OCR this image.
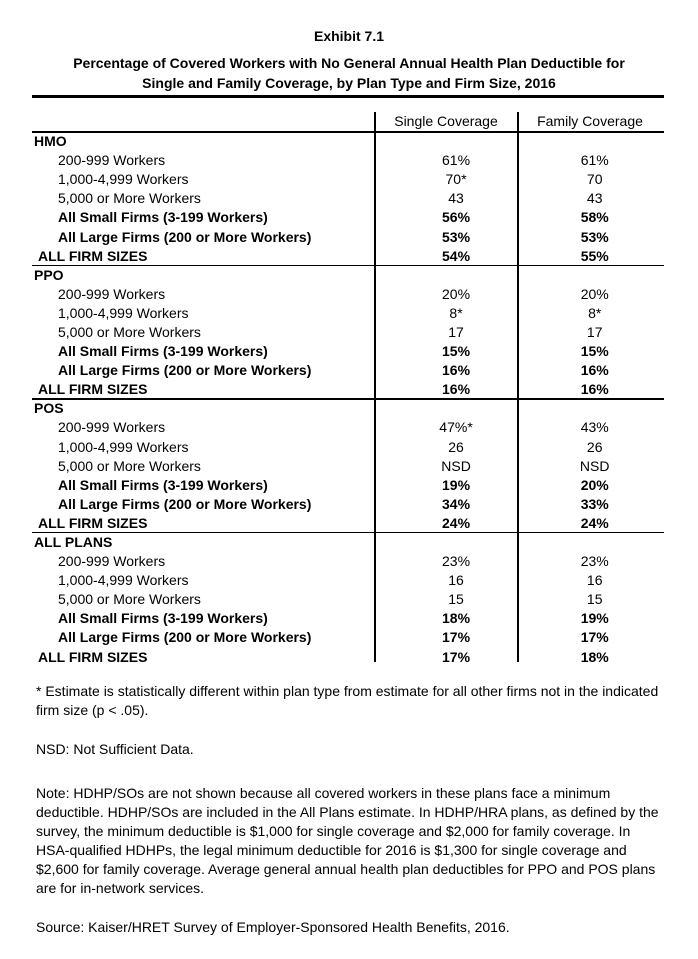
Exhibit 7.1
Percentage of Covered Workers with No General Annual Health Plan Deductible for
Single and Family Coverage, by Plan Type and Firm Size, 2016
Single Coverage	Family Coverage
HMO		
200-999 Workers	61%	61%
1,000-4,999 Workers	70*	70
5,000 or More Workers	43	43
All Small Firms (3-199 Workers)	56%	58%
All Large Firms (200 or More Workers)	53%	53%
ALL FIRM SIZES	54%	55%
PPO		
200-999 Workers	20%	20%
1,000-4,999 Workers	8*	8*
5,000 or More Workers	17	17
All Small Firms (3-199 Workers)	15%	15%
All Large Firms (200 or More Workers)	16%	16%
ALL FIRM SIZES	16%	16%
POS		
200-999 Workers	47%*	43%
1,000-4,999 Workers	26	26
5,000 or More Workers	NSD	NSD
All Small Firms (3-199 Workers)	19%	20%
All Large Firms (200 or More Workers)	34%	33%
ALL FIRM SIZES	24%	24%
ALL PLANS		
200-999 Workers	23%	23%
1,000-4,999 Workers	16	16
5,000 or More Workers	15	15
All Small Firms (3-199 Workers)	18%	19%
All Large Firms (200 or More Workers)	17%	17%
ALL FIRM SIZES	17%	18%
* Estimate is statistically different within plan type from estimate for all other firms not in the indicated firm size (p < .05).
NSD: Not Sufficient Data.
Note: HDHP/SOs are not shown because all covered workers in these plans face a minimum deductible. HDHP/SOs are included in the All Plans estimate. In HDHP/HRA plans, as defined by the survey, the minimum deductible is $1,000 for single coverage and $2,000 for family coverage. In HSA-qualified HDHPs, the legal minimum deductible for 2016 is $1,300 for single coverage and $2,600 for family coverage. Average general annual health plan deductibles for PPO and POS plans are for in-network services.
Source: Kaiser/HRET Survey of Employer-Sponsored Health Benefits, 2016.
